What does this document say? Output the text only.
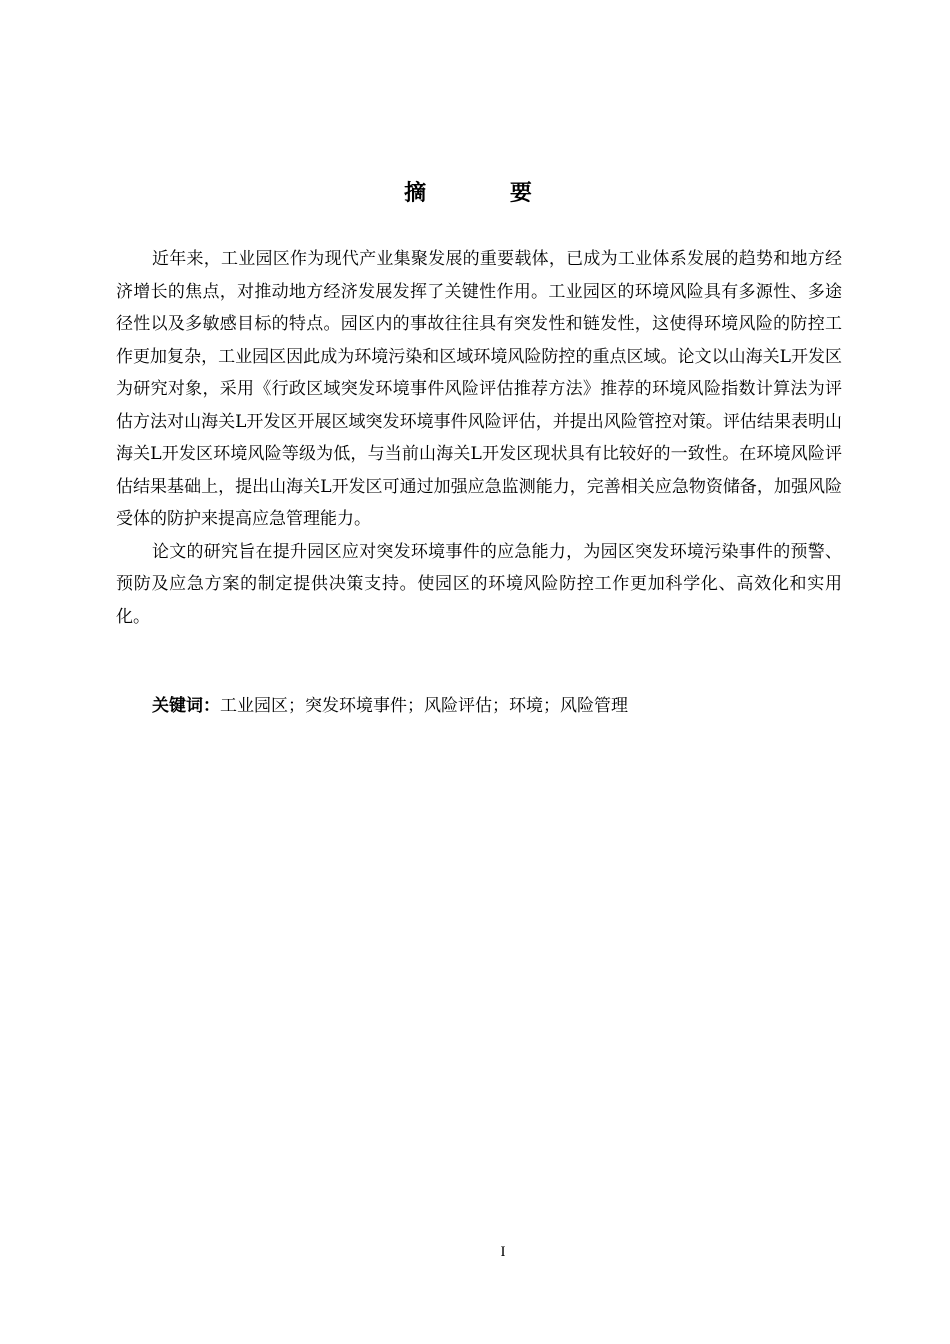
摘 要

近年来，工业园区作为现代产业集聚发展的重要载体，已成为工业体系发展的趋势和地方经济增长的焦点，对推动地方经济发展发挥了关键性作用。工业园区的环境风险具有多源性、多途径性以及多敏感目标的特点。园区内的事故往往具有突发性和链发性，这使得环境风险的防控工作更加复杂，工业园区因此成为环境污染和区域环境风险防控的重点区域。论文以山海关L开发区为研究对象，采用《行政区域突发环境事件风险评估推荐方法》推荐的环境风险指数计算法为评估方法对山海关L开发区开展区域突发环境事件风险评估，并提出风险管控对策。评估结果表明山海关L开发区环境风险等级为低，与当前山海关L开发区现状具有比较好的一致性。在环境风险评估结果基础上，提出山海关L开发区可通过加强应急监测能力，完善相关应急物资储备，加强风险受体的防护来提高应急管理能力。

论文的研究旨在提升园区应对突发环境事件的应急能力，为园区突发环境污染事件的预警、预防及应急方案的制定提供决策支持。使园区的环境风险防控工作更加科学化、高效化和实用化。

关键词：工业园区；突发环境事件；风险评估；环境；风险管理

I
